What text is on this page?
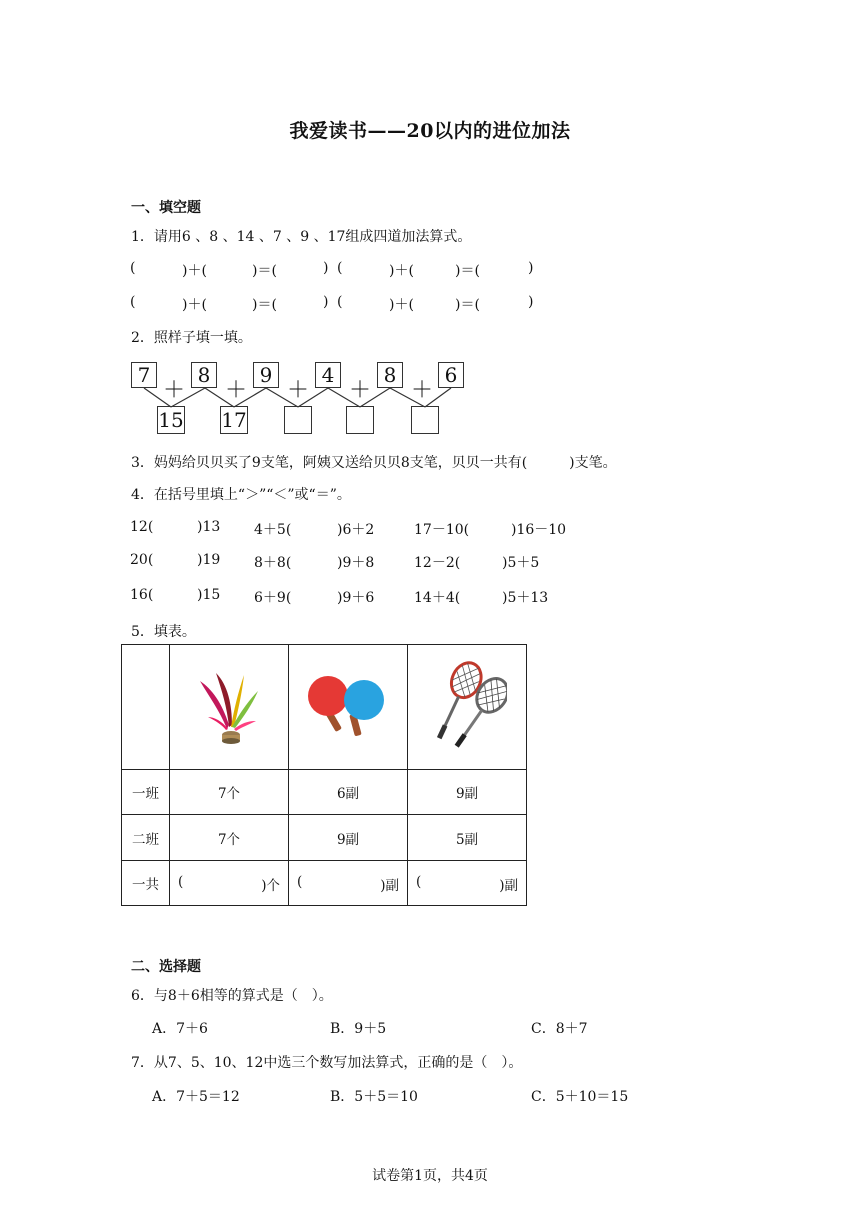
我爱读书——20以内的进位加法
一、填空题
1．请用6 、8 、14 、7 、9 、17组成四道加法算式。
(	)＋(	)＝(	) (	)＋(	)＝(	)
(	)＋(	)＝(	) (	)＋(	)＝(	)
2．照样子填一填。
7	8	9	4	8	6
＋ ＋ ＋ ＋ ＋
15 17
3．妈妈给贝贝买了9支笔，阿姨又送给贝贝8支笔，贝贝一共有(　　　)支笔。
4．在括号里填上“＞”“＜”或“＝”。
12(	)13 4＋5(	)6＋2	17－10(	)16－10
20(	)19 8＋8(	)9＋8	12－2(	)5＋5
16(	)15 6＋9(	)9＋6	14＋4(	)5＋13
5．填表。

一班	7个	6副	9副
二班	7个	9副	5副
一共	( )个	( )副	( )副
二、选择题
6．与8＋6相等的算式是（　）。
A．7＋6	B．9＋5	C．8＋7
7．从7、5、10、12中选三个数写加法算式，正确的是（　）。
A．7＋5＝12	B．5＋5＝10	C．5＋10＝15
试卷第1页，共4页
